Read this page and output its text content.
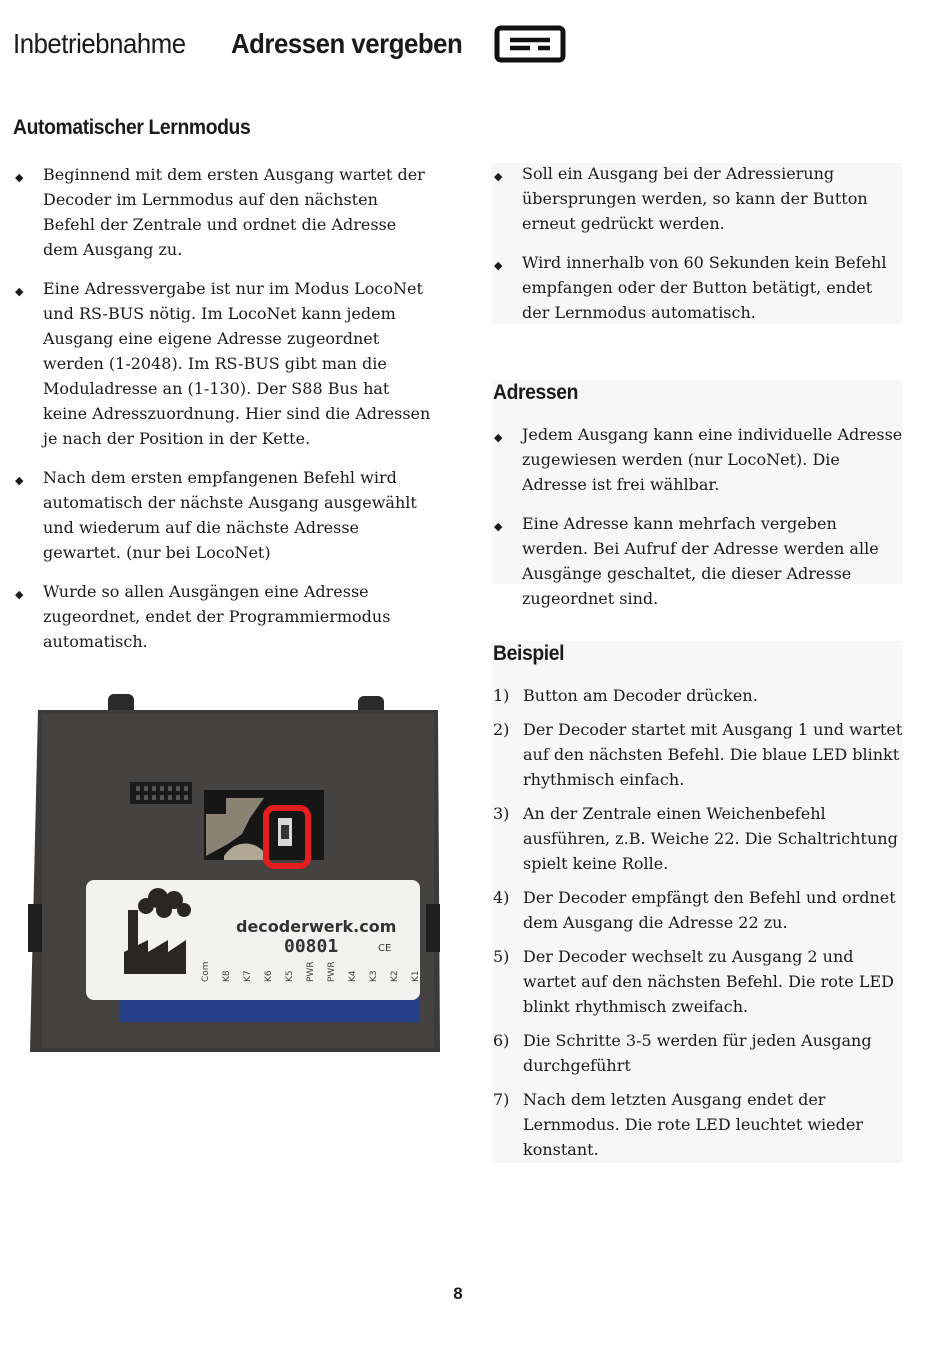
Inbetriebnahme Adressen vergeben
Automatischer Lernmodus
◆ Beginnend mit dem ersten Ausgang wartet der Decoder im Lernmodus auf den nächsten Befehl der Zentrale und ordnet die Adresse dem Ausgang zu.
◆ Eine Adressvergabe ist nur im Modus LocoNet und RS-BUS nötig. Im LocoNet kann jedem Ausgang eine eigene Adresse zugeordnet werden (1-2048). Im RS-BUS gibt man die Moduladresse an (1-130). Der S88 Bus hat keine Adresszuordnung. Hier sind die Adressen je nach der Position in der Kette.
◆ Nach dem ersten empfangenen Befehl wird automatisch der nächste Ausgang ausgewählt und wiederum auf die nächste Adresse gewartet. (nur bei LocoNet)
◆ Wurde so allen Ausgängen eine Adresse zugeordnet, endet der Programmiermodus automatisch.
decoderwerk.com
00801	CE
Com K8 K7 K6 K5 PWR PWR K4 K3 K2 K1
◆ Soll ein Ausgang bei der Adressierung übersprungen werden, so kann der Button erneut gedrückt werden.
◆ Wird innerhalb von 60 Sekunden kein Befehl empfangen oder der Button betätigt, endet der Lernmodus automatisch.
Adressen
◆ Jedem Ausgang kann eine individuelle Adresse zugewiesen werden (nur LocoNet). Die Adresse ist frei wählbar.
◆ Eine Adresse kann mehrfach vergeben werden. Bei Aufruf der Adresse werden alle Ausgänge geschaltet, die dieser Adresse zugeordnet sind.
Beispiel
1) Button am Decoder drücken.
2) Der Decoder startet mit Ausgang 1 und wartet auf den nächsten Befehl. Die blaue LED blinkt rhythmisch einfach.
3) An der Zentrale einen Weichenbefehl ausführen, z.B. Weiche 22. Die Schaltrichtung spielt keine Rolle.
4) Der Decoder empfängt den Befehl und ordnet dem Ausgang die Adresse 22 zu.
5) Der Decoder wechselt zu Ausgang 2 und wartet auf den nächsten Befehl. Die rote LED blinkt rhythmisch zweifach.
6) Die Schritte 3-5 werden für jeden Ausgang durchgeführt
7) Nach dem letzten Ausgang endet der Lernmodus. Die rote LED leuchtet wieder konstant.
8
